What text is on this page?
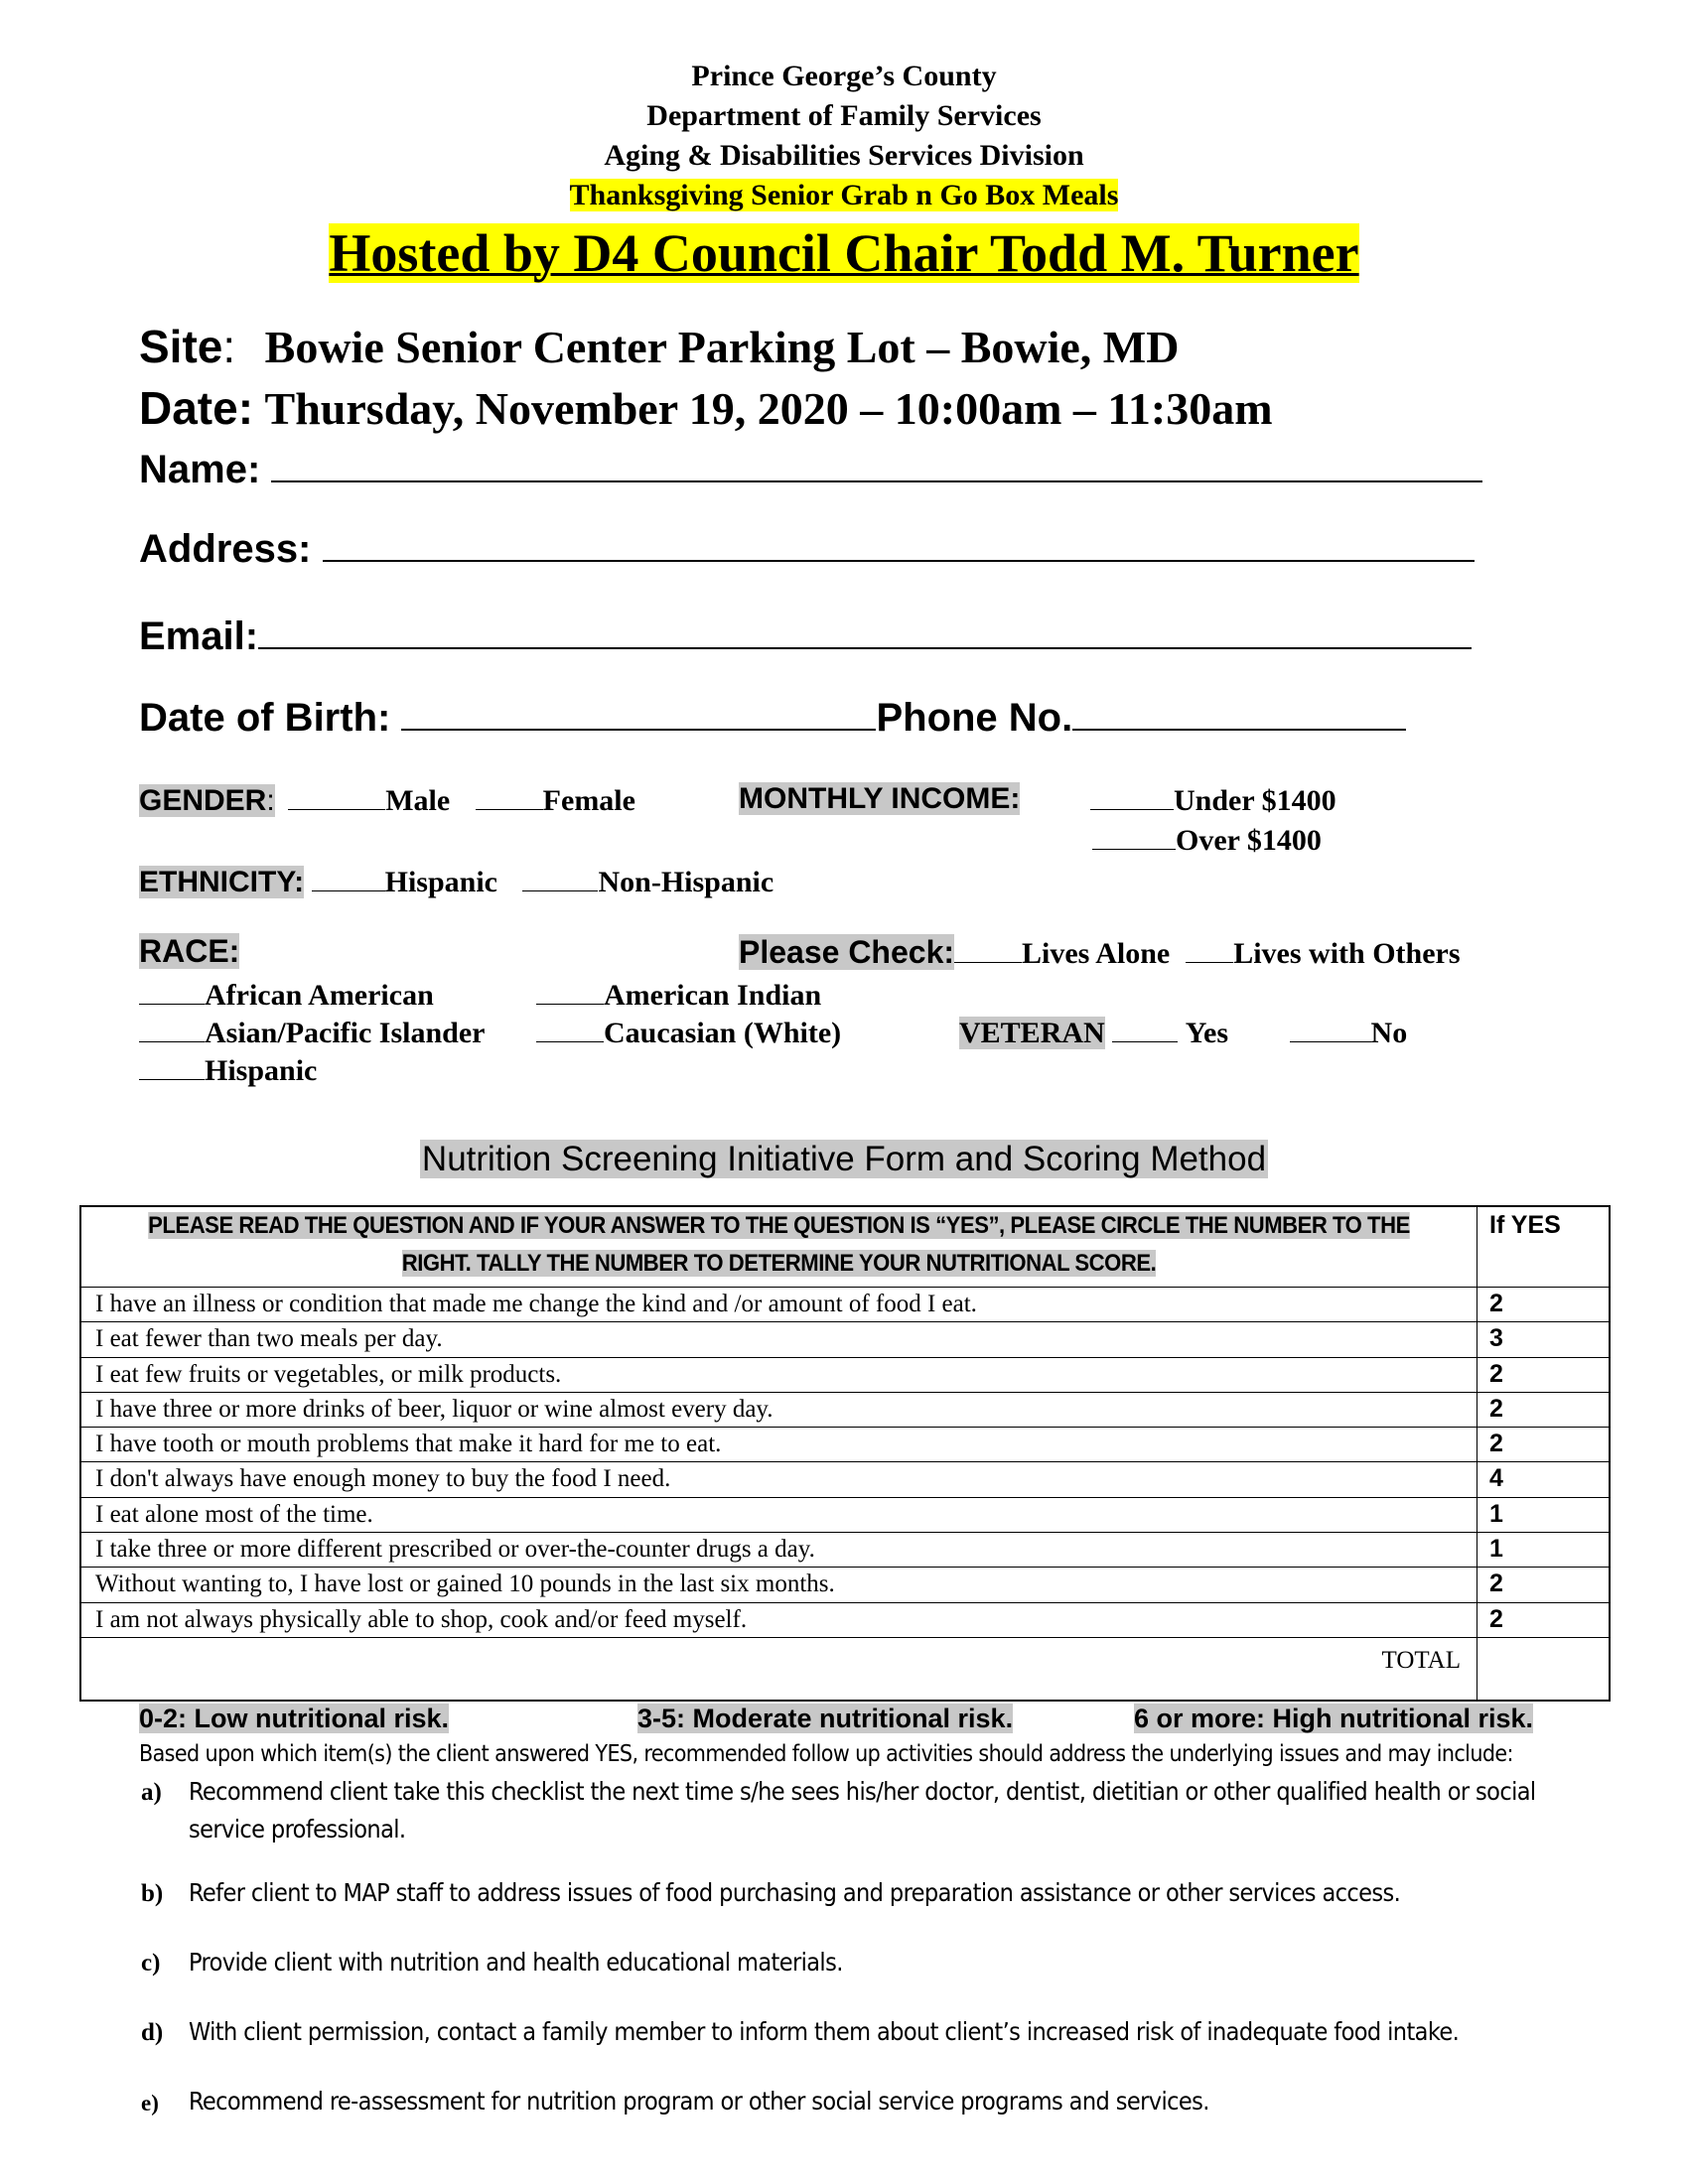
Prince George’s County
Department of Family Services
Aging & Disabilities Services Division
Thanksgiving Senior Grab n Go Box Meals
Hosted by D4 Council Chair Todd M. Turner
Site: Bowie Senior Center Parking Lot – Bowie, MD
Date: Thursday, November 19, 2020 – 10:00am – 11:30am
Name:
Address:
Email:
Date of Birth:	Phone No.
GENDER:	Male	Female	MONTHLY INCOME:	Under $1400
Over $1400
ETHNICITY:	Hispanic	Non-Hispanic
RACE:	Please Check: Lives Alone Lives with Others
African American	American Indian
Asian/Pacific Islander	Caucasian (White)	VETERAN	Yes	No
Hispanic
Nutrition Screening Initiative Form and Scoring Method
PLEASE READ THE QUESTION AND IF YOUR ANSWER TO THE QUESTION IS “YES”, PLEASE CIRCLE THE NUMBER TO THE
RIGHT. TALLY THE NUMBER TO DETERMINE YOUR NUTRITIONAL SCORE.	If YES
I have an illness or condition that made me change the kind and /or amount of food I eat.	2
I eat fewer than two meals per day.	3
I eat few fruits or vegetables, or milk products.	2
I have three or more drinks of beer, liquor or wine almost every day.	2
I have tooth or mouth problems that make it hard for me to eat.	2
I don't always have enough money to buy the food I need.	4
I eat alone most of the time.	1
I take three or more different prescribed or over-the-counter drugs a day.	1
Without wanting to, I have lost or gained 10 pounds in the last six months.	2
I am not always physically able to shop, cook and/or feed myself.	2
TOTAL	
0-2: Low nutritional risk.	3-5: Moderate nutritional risk.	6 or more: High nutritional risk.
Based upon which item(s) the client answered YES, recommended follow up activities should address the underlying issues and may include:
a) Recommend client take this checklist the next time s/he sees his/her doctor, dentist, dietitian or other qualified health or social
service professional.
b) Refer client to MAP staff to address issues of food purchasing and preparation assistance or other services access.
c) Provide client with nutrition and health educational materials.
d) With client permission, contact a family member to inform them about client’s increased risk of inadequate food intake.
e) Recommend re-assessment for nutrition program or other social service programs and services.
